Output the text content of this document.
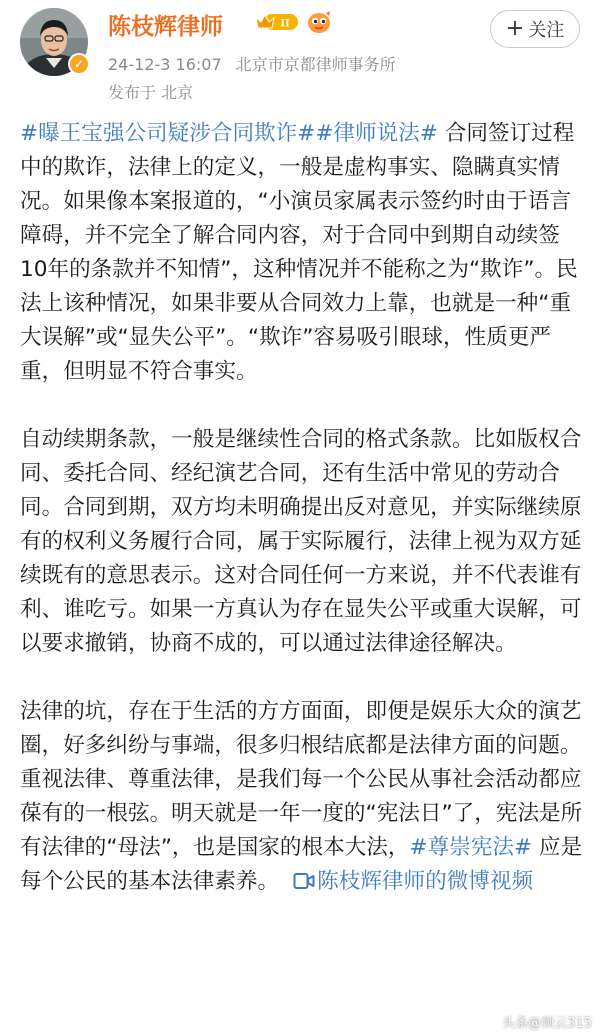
✓
陈枝辉律师	II	+ 关注
24-12-3 16:07 北京市京都律师事务所
发布于 北京

#曝王宝强公司疑涉合同欺诈##律师说法# 合同签订过程中的欺诈，法律上的定义，一般是虚构事实、隐瞒真实情况。如果像本案报道的，“小演员家属表示签约时由于语言障碍，并不完全了解合同内容，对于合同中到期自动续签10年的条款并不知情”，这种情况并不能称之为“欺诈”。民法上该种情况，如果非要从合同效力上靠，也就是一种“重大误解”或“显失公平”。“欺诈”容易吸引眼球，性质更严重，但明显不符合事实。

自动续期条款，一般是继续性合同的格式条款。比如版权合同、委托合同、经纪演艺合同，还有生活中常见的劳动合同。合同到期，双方均未明确提出反对意见，并实际继续原有的权利义务履行合同，属于实际履行，法律上视为双方延续既有的意思表示。这对合同任何一方来说，并不代表谁有利、谁吃亏。如果一方真认为存在显失公平或重大误解，可以要求撤销，协商不成的，可以通过法律途径解决。

法律的坑，存在于生活的方方面面，即便是娱乐大众的演艺圈，好多纠纷与事端，很多归根结底都是法律方面的问题。重视法律、尊重法律，是我们每一个公民从事社会活动都应葆有的一根弦。明天就是一年一度的“宪法日”了，宪法是所有法律的“母法”，也是国家的根本大法，#尊崇宪法# 应是每个公民的基本法律素养。 陈枝辉律师的微博视频

头条@频云315
